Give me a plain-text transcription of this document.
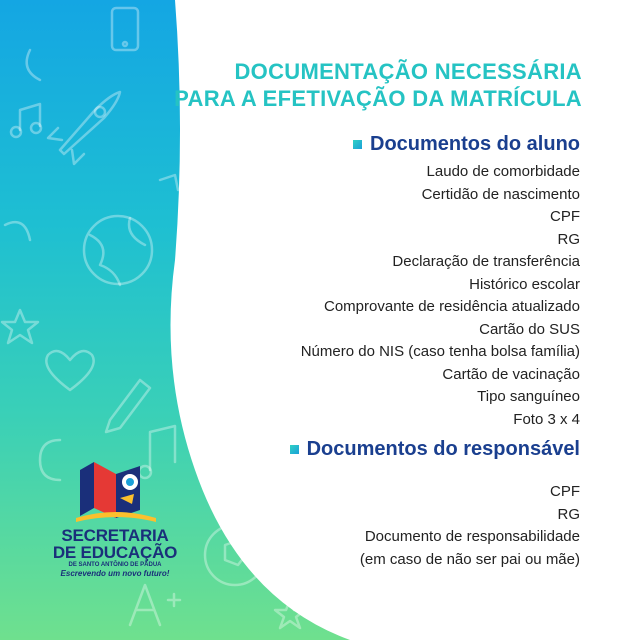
DOCUMENTAÇÃO NECESSÁRIA
PARA A EFETIVAÇÃO DA MATRÍCULA
Documentos do aluno
Laudo de comorbidade
Certidão de nascimento
CPF
RG
Declaração de transferência
Histórico escolar
Comprovante de residência atualizado
Cartão do SUS
Número do NIS (caso tenha bolsa família)
Cartão de vacinação
Tipo sanguíneo
Foto 3 x 4
Documentos do responsável
CPF
RG
Documento de responsabilidade
(em caso de não ser pai ou mãe)
SECRETARIA
DE EDUCAÇÃO
DE SANTO ANTÔNIO DE PÁDUA
Escrevendo um novo futuro!
